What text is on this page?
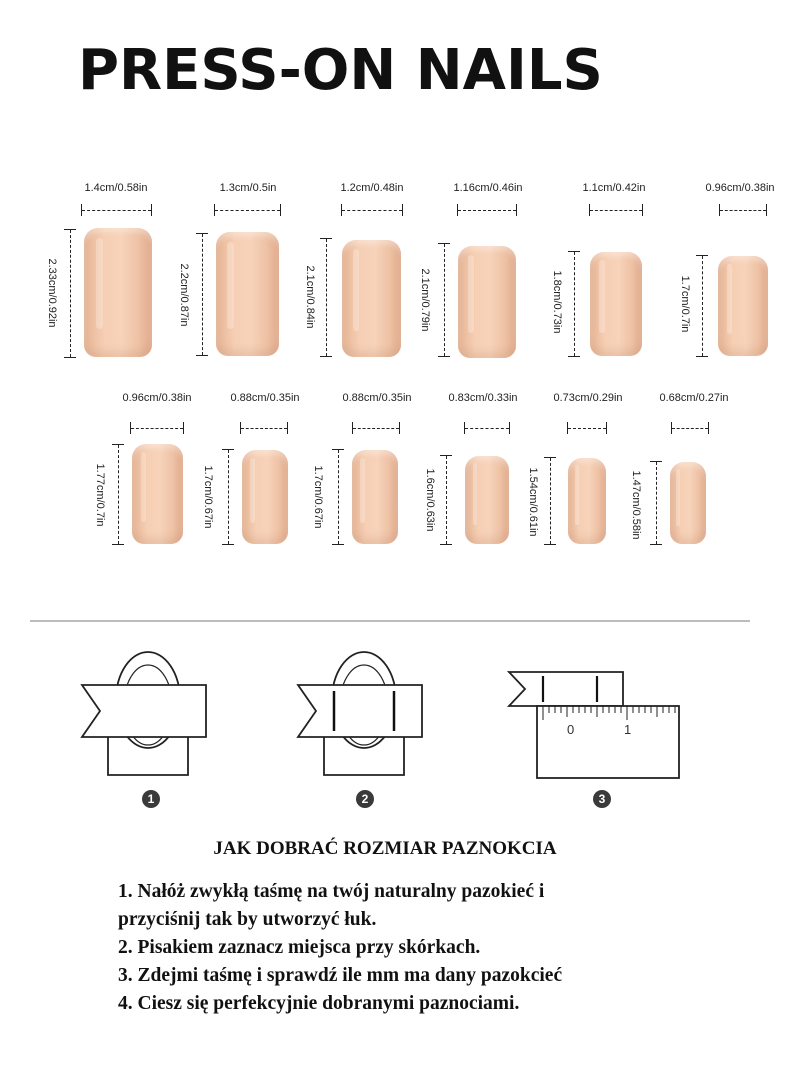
PRESS-ON NAILS
1.4cm/0.58in
2.33cm/0.92in
1.3cm/0.5in
2.2cm/0.87in
1.2cm/0.48in
2.1cm/0.84in
1.16cm/0.46in
2.1cm/0.79in
1.1cm/0.42in
1.8cm/0.73in
0.96cm/0.38in
1.7cm/0.7in
0.96cm/0.38in
1.77cm/0.7in
0.88cm/0.35in
1.7cm/0.67in
0.88cm/0.35in
1.7cm/0.67in
0.83cm/0.33in
1.6cm/0.63in
0.73cm/0.29in
1.54cm/0.61in
0.68cm/0.27in
1.47cm/0.58in
1	2
0	1
3
JAK DOBRAĆ ROZMIAR PAZNOKCIA
1. Nałóż zwykłą taśmę na twój naturalny pazokieć i
przyciśnij tak by utworzyć łuk.
2. Pisakiem zaznacz miejsca przy skórkach.
3. Zdejmi taśmę i sprawdź ile mm ma dany pazokcieć
4. Ciesz się perfekcyjnie dobranymi paznociami.
